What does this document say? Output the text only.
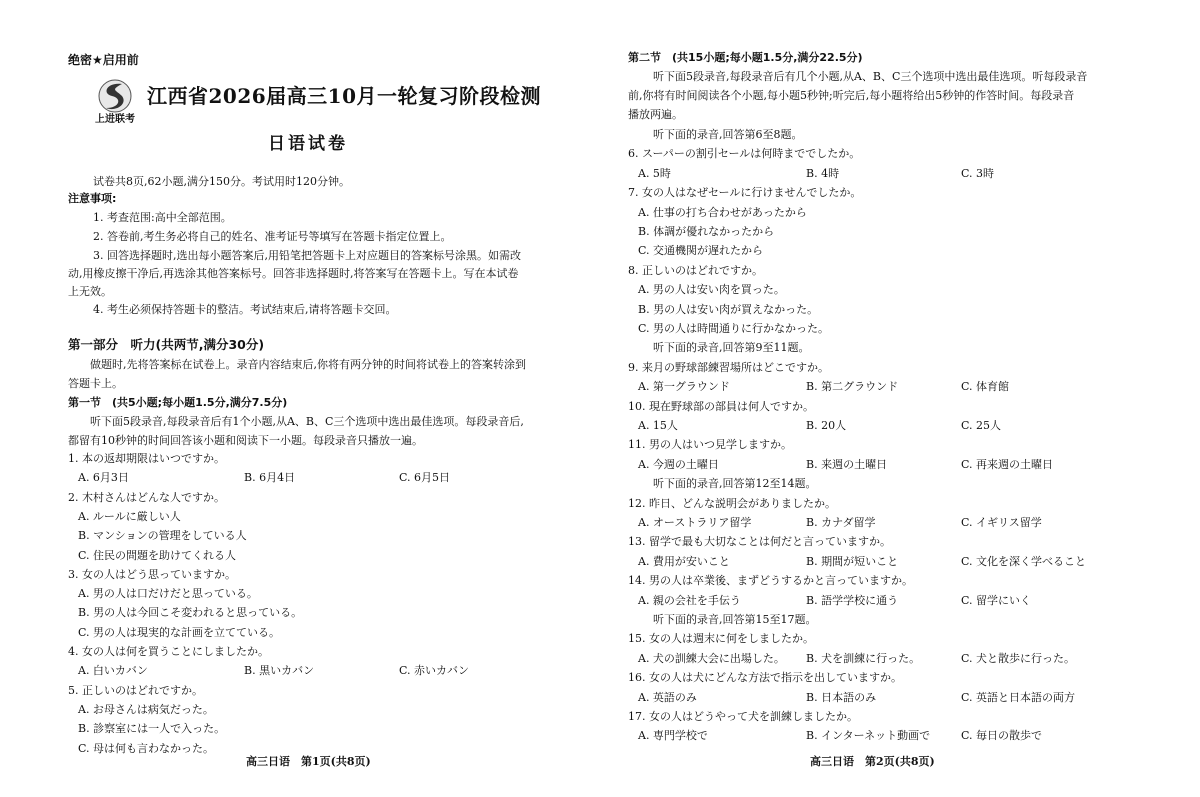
绝密★启用前
上进联考
江西省2026届高三10月一轮复习阶段检测
日语试卷
试卷共8页,62小题,满分150分。考试用时120分钟。
注意事项:
1. 考查范围:高中全部范围。
2. 答卷前,考生务必将自己的姓名、准考证号等填写在答题卡指定位置上。
3. 回答选择题时,选出每小题答案后,用铅笔把答题卡上对应题目的答案标号涂黑。如需改
动,用橡皮擦干净后,再选涂其他答案标号。回答非选择题时,将答案写在答题卡上。写在本试卷
上无效。
4. 考生必须保持答题卡的整洁。考试结束后,请将答题卡交回。
第一部分　听力(共两节,满分30分)
做题时,先将答案标在试卷上。录音内容结束后,你将有两分钟的时间将试卷上的答案转涂到
答题卡上。
第一节　(共5小题;每小题1.5分,满分7.5分)
听下面5段录音,每段录音后有1个小题,从A、B、C三个选项中选出最佳选项。每段录音后,
都留有10秒钟的时间回答该小题和阅读下一小题。每段录音只播放一遍。
1. 本の返却期限はいつですか。
A. 6月3日	B. 6月4日	C. 6月5日
2. 木村さんはどんな人ですか。
A. ルールに厳しい人
B. マンションの管理をしている人
C. 住民の問題を助けてくれる人
3. 女の人はどう思っていますか。
A. 男の人は口だけだと思っている。
B. 男の人は今回こそ変われると思っている。
C. 男の人は現実的な計画を立てている。
4. 女の人は何を買うことにしましたか。
A. 白いカバン	B. 黒いカバン	C. 赤いカバン
5. 正しいのはどれですか。
A. お母さんは病気だった。
B. 診察室には一人で入った。
C. 母は何も言わなかった。
高三日语　第1页(共8页)
第二节　(共15小题;每小题1.5分,满分22.5分)
听下面5段录音,每段录音后有几个小题,从A、B、C三个选项中选出最佳选项。听每段录音
前,你将有时间阅读各个小题,每小题5秒钟;听完后,每小题将给出5秒钟的作答时间。每段录音
播放两遍。
听下面的录音,回答第6至8题。
6. スーパーの割引セールは何時まででしたか。
A. 5時	B. 4時	C. 3時
7. 女の人はなぜセールに行けませんでしたか。
A. 仕事の打ち合わせがあったから
B. 体調が優れなかったから
C. 交通機関が遅れたから
8. 正しいのはどれですか。
A. 男の人は安い肉を買った。
B. 男の人は安い肉が買えなかった。
C. 男の人は時間通りに行かなかった。
听下面的录音,回答第9至11题。
9. 来月の野球部練習場所はどこですか。
A. 第一グラウンド	B. 第二グラウンド	C. 体育館
10. 現在野球部の部員は何人ですか。
A. 15人	B. 20人	C. 25人
11. 男の人はいつ見学しますか。
A. 今週の土曜日	B. 来週の土曜日	C. 再来週の土曜日
听下面的录音,回答第12至14题。
12. 昨日、どんな説明会がありましたか。
A. オーストラリア留学	B. カナダ留学	C. イギリス留学
13. 留学で最も大切なことは何だと言っていますか。
A. 費用が安いこと	B. 期間が短いこと	C. 文化を深く学べること
14. 男の人は卒業後、まずどうするかと言っていますか。
A. 親の会社を手伝う	B. 語学学校に通う	C. 留学にいく
听下面的录音,回答第15至17题。
15. 女の人は週末に何をしましたか。
A. 犬の訓練大会に出場した。 B. 犬を訓練に行った。	C. 犬と散歩に行った。
16. 女の人は犬にどんな方法で指示を出していますか。
A. 英語のみ	B. 日本語のみ	C. 英語と日本語の両方
17. 女の人はどうやって犬を訓練しましたか。
A. 専門学校で	B. インターネット動画で	C. 毎日の散歩で
高三日语　第2页(共8页)
